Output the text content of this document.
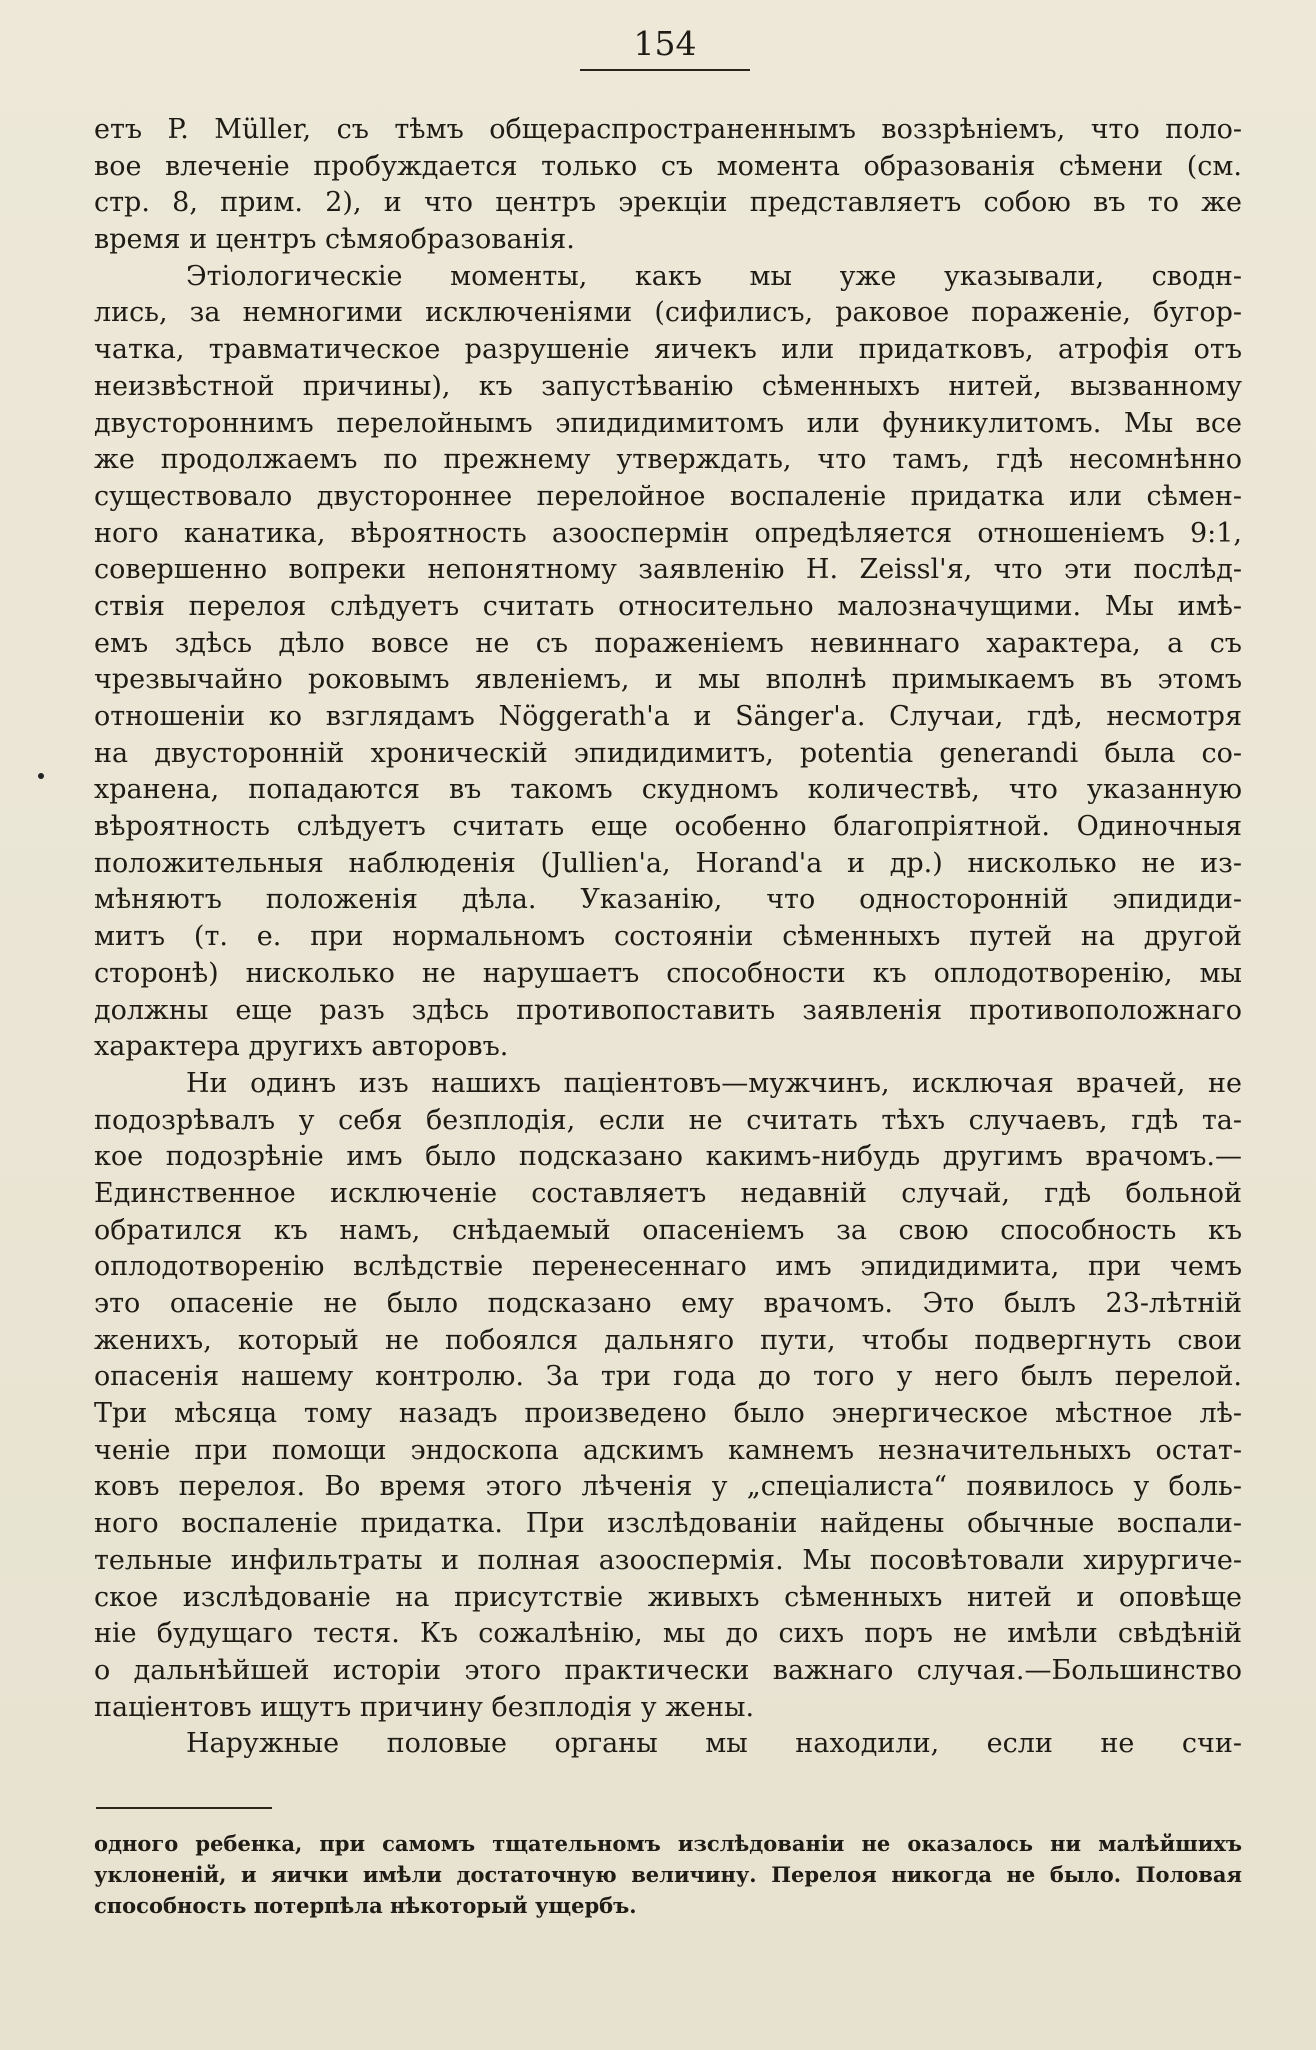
154
етъ P. Müller, съ тѣмъ общераспространеннымъ воззрѣніемъ, что поло-
вое влеченіе пробуждается только съ момента образованія сѣмени (см.
стр. 8, прим. 2), и что центръ эрекціи представляетъ собою въ то же
время и центръ сѣмяобразованія.
Этіологическіе моменты, какъ мы уже указывали, сводн-
лись, за немногими исключеніями (сифилисъ, раковое пораженіе, бугор-
чатка, травматическое разрушеніе яичекъ или придатковъ, атрофія отъ
неизвѣстной причины), къ запустѣванію сѣменныхъ нитей, вызванному
двустороннимъ перелойнымъ эпидидимитомъ или фуникулитомъ. Мы все
же продолжаемъ по прежнему утверждать, что тамъ, гдѣ несомнѣнно
существовало двустороннее перелойное воспаленіе придатка или сѣмен-
ного канатика, вѣроятность азооспермін опредѣляется отношеніемъ 9:1,
совершенно вопреки непонятному заявленію H. Zeissl'я, что эти послѣд-
ствія перелоя слѣдуетъ считать относительно малозначущими. Мы имѣ-
емъ здѣсь дѣло вовсе не съ пораженіемъ невиннаго характера, а съ
чрезвычайно роковымъ явленіемъ, и мы вполнѣ примыкаемъ въ этомъ
отношеніи ко взглядамъ Nöggerath'a и Sänger'a. Случаи, гдѣ, несмотря
на двусторонній хроническій эпидидимитъ, potentia generandi была со-
хранена, попадаются въ такомъ скудномъ количествѣ, что указанную
вѣроятность слѣдуетъ считать еще особенно благопріятной. Одиночныя
положительныя наблюденія (Jullien'a, Horand'a и др.) нисколько не из-
мѣняютъ положенія дѣла. Указанію, что односторонній эпидиди-
митъ (т. е. при нормальномъ состояніи сѣменныхъ путей на другой
сторонѣ) нисколько не нарушаетъ способности къ оплодотворенію, мы
должны еще разъ здѣсь противопоставить заявленія противоположнаго
характера другихъ авторовъ.
Ни одинъ изъ нашихъ паціентовъ—мужчинъ, исключая врачей, не
подозрѣвалъ у себя безплодія, если не считать тѣхъ случаевъ, гдѣ та-
кое подозрѣніе имъ было подсказано какимъ-нибудь другимъ врачомъ.—
Единственное исключеніе составляетъ недавній случай, гдѣ больной
обратился къ намъ, снѣдаемый опасеніемъ за свою способность къ
оплодотворенію вслѣдствіе перенесеннаго имъ эпидидимита, при чемъ
это опасеніе не было подсказано ему врачомъ. Это былъ 23-лѣтній
женихъ, который не побоялся дальняго пути, чтобы подвергнуть свои
опасенія нашему контролю. За три года до того у него былъ перелой.
Три мѣсяца тому назадъ произведено было энергическое мѣстное лѣ-
ченіе при помощи эндоскопа адскимъ камнемъ незначительныхъ остат-
ковъ перелоя. Во время этого лѣченія у „спеціалиста“ появилось у боль-
ного воспаленіе придатка. При изслѣдованіи найдены обычные воспали-
тельные инфильтраты и полная азооспермія. Мы посовѣтовали хирургиче-
ское изслѣдованіе на присутствіе живыхъ сѣменныхъ нитей и оповѣще
ніе будущаго тестя. Къ сожалѣнію, мы до сихъ поръ не имѣли свѣдѣній
о дальнѣйшей исторіи этого практически важнаго случая.—Большинство
паціентовъ ищутъ причину безплодія у жены.
Наружные половые органы мы находили, если не счи-
одного ребенка, при самомъ тщательномъ изслѣдованіи не оказалось ни малѣйшихъ
уклоненій, и яички имѣли достаточную величину. Перелоя никогда не было. Половая
способность потерпѣла нѣкоторый ущербъ.
